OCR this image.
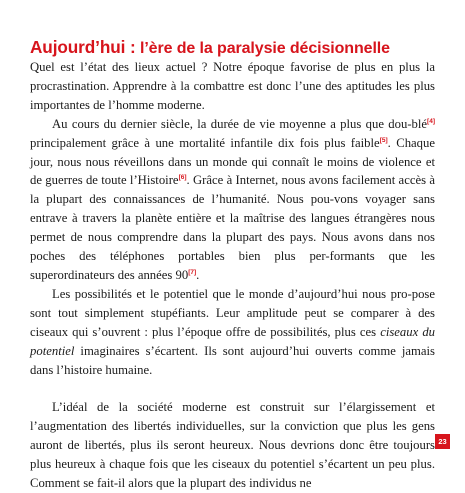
Aujourd’hui : l’ère de la paralysie décisionnelle

Quel est l’état des lieux actuel ? Notre époque favorise de plus en plus la procrastination. Apprendre à la combattre est donc l’une des aptitudes les plus importantes de l’homme moderne.

Au cours du dernier siècle, la durée de vie moyenne a plus que dou-blé[4] principalement grâce à une mortalité infantile dix fois plus faible[5]. Chaque jour, nous nous réveillons dans un monde qui connaît le moins de violence et de guerres de toute l’Histoire[6]. Grâce à Internet, nous avons facilement accès à la plupart des connaissances de l’humanité. Nous pou-vons voyager sans entrave à travers la planète entière et la maîtrise des langues étrangères nous permet de nous comprendre dans la plupart des pays. Nous avons dans nos poches des téléphones portables bien plus per-formants que les superordinateurs des années 90[7].

Les possibilités et le potentiel que le monde d’aujourd’hui nous pro-pose sont tout simplement stupéfiants. Leur amplitude peut se comparer à des ciseaux qui s’ouvrent : plus l’époque offre de possibilités, plus ces ciseaux du potentiel imaginaires s’écartent. Ils sont aujourd’hui ouverts comme jamais dans l’histoire humaine.

L’idéal de la société moderne est construit sur l’élargissement et l’augmentation des libertés individuelles, sur la conviction que plus les gens auront de libertés, plus ils seront heureux. Nous devrions donc être toujours plus heureux à chaque fois que les ciseaux du potentiel s’écartent un peu plus. Comment se fait-il alors que la plupart des individus ne

23
